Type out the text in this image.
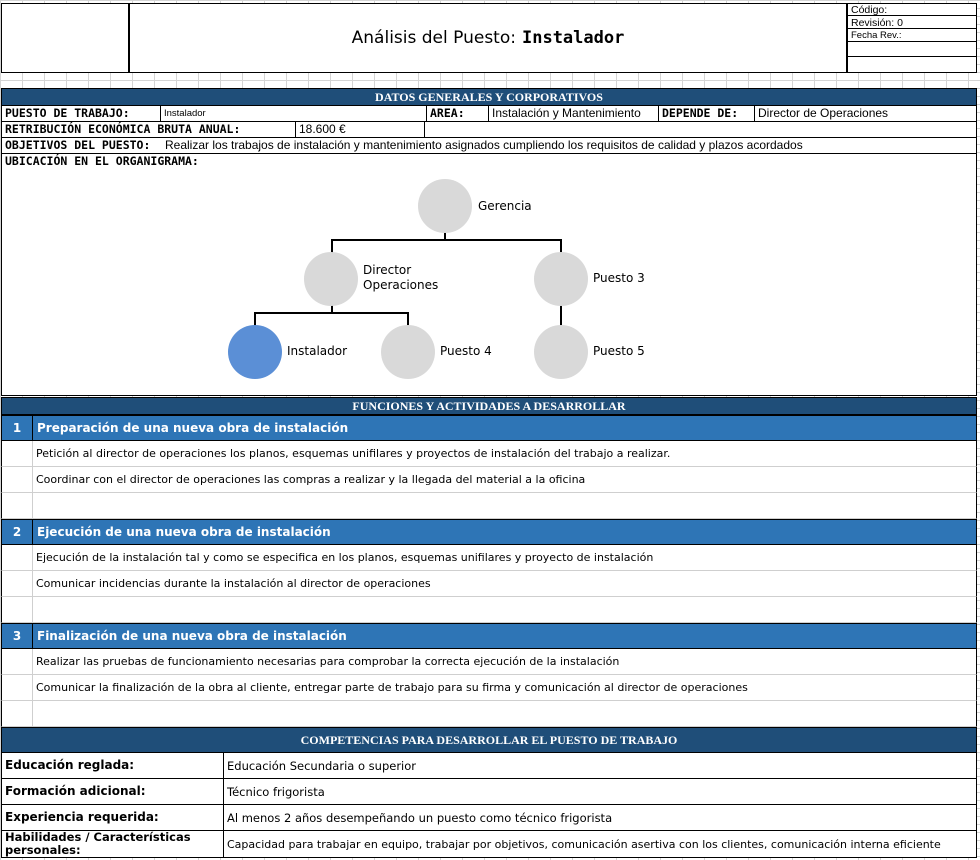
Análisis del Puesto: Instalador
Código:
Revisión: 0
Fecha Rev.:
DATOS GENERALES Y CORPORATIVOS
PUESTO DE TRABAJO:	Instalador	AREA:	Instalación y Mantenimiento	DEPENDE DE:	Director de Operaciones
RETRIBUCIÓN ECONÓMICA BRUTA ANUAL:	18.600 €
OBJETIVOS DEL PUESTO: Realizar los trabajos de instalación y mantenimiento asignados cumpliendo los requisitos de calidad y plazos acordados
UBICACIÓN EN EL ORGANIGRAMA:
Gerencia
Director
Operaciones	Puesto 3
Instalador	Puesto 4	Puesto 5
FUNCIONES Y ACTIVIDADES A DESARROLLAR
1	Preparación de una nueva obra de instalación
Petición al director de operaciones los planos, esquemas unifilares y proyectos de instalación del trabajo a realizar.
Coordinar con el director de operaciones las compras a realizar y la llegada del material a la oficina
2	Ejecución de una nueva obra de instalación
Ejecución de la instalación tal y como se especifica en los planos, esquemas unifilares y proyecto de instalación
Comunicar incidencias durante la instalación al director de operaciones
3	Finalización de una nueva obra de instalación
Realizar las pruebas de funcionamiento necesarias para comprobar la correcta ejecución de la instalación
Comunicar la finalización de la obra al cliente, entregar parte de trabajo para su firma y comunicación al director de operaciones
COMPETENCIAS PARA DESARROLLAR EL PUESTO DE TRABAJO
Educación reglada:	Educación Secundaria o superior
Formación adicional:	Técnico frigorista
Experiencia requerida:	Al menos 2 años desempeñando un puesto como técnico frigorista
Habilidades / Características personales:	Capacidad para trabajar en equipo, trabajar por objetivos, comunicación asertiva con los clientes, comunicación interna eficiente
